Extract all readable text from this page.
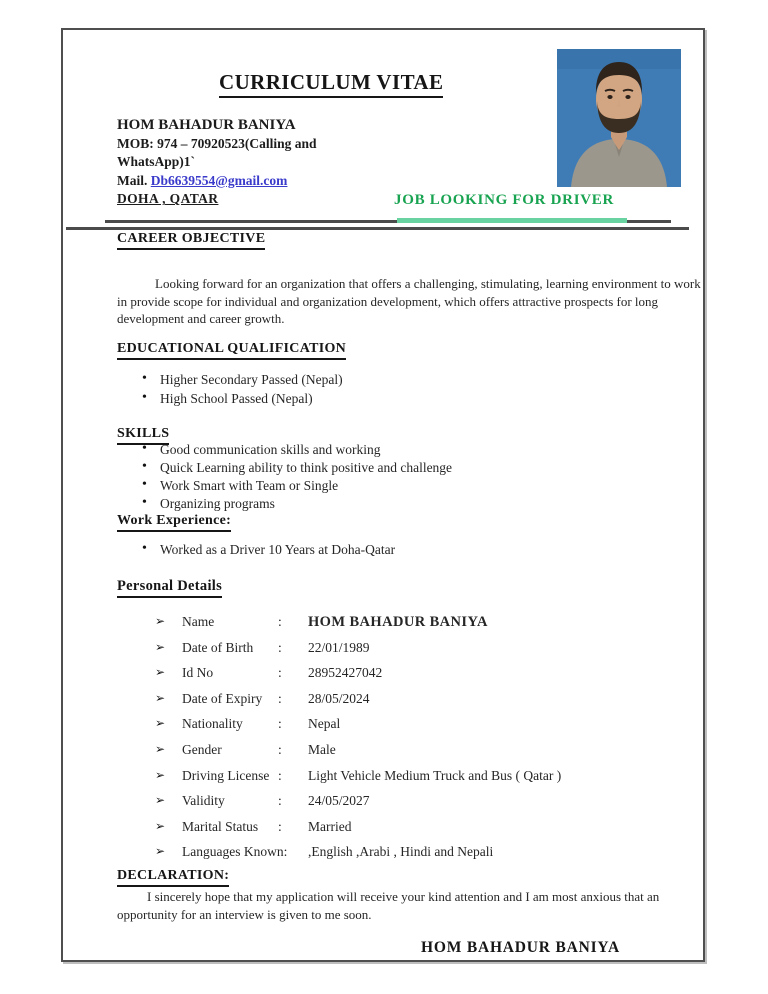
CURRICULUM VITAE
HOM BAHADUR BANIYA
MOB: 974 – 70920523(Calling and
WhatsApp)1`
Mail. Db6639554@gmail.com
DOHA , QATAR	JOB LOOKING FOR DRIVER
CAREER OBJECTIVE
Looking forward for an organization that offers a challenging, stimulating, learning environment to work in provide scope for individual and organization development, which offers attractive prospects for long development and career growth.
EDUCATIONAL QUALIFICATION
• Higher Secondary Passed (Nepal)
• High School Passed (Nepal)
SKILLS
• Good communication skills and working
• Quick Learning ability to think positive and challenge
• Work Smart with Team or Single
• Organizing programs
Work Experience:
• Worked as a Driver 10 Years at Doha-Qatar
Personal Details
➢ Name	: HOM BAHADUR BANIYA
➢ Date of Birth : 22/01/1989
➢ Id No	: 28952427042
➢ Date of Expiry : 28/05/2024
➢ Nationality	: Nepal
➢ Gender	: Male
➢ Driving License : Light Vehicle Medium Truck and Bus ( Qatar )
➢ Validity	: 24/05/2027
➢ Marital Status : Married
➢ Languages Known: ,English ,Arabi , Hindi and Nepali
DECLARATION:
I sincerely hope that my application will receive your kind attention and I am most anxious that an opportunity for an interview is given to me soon.
HOM BAHADUR BANIYA
